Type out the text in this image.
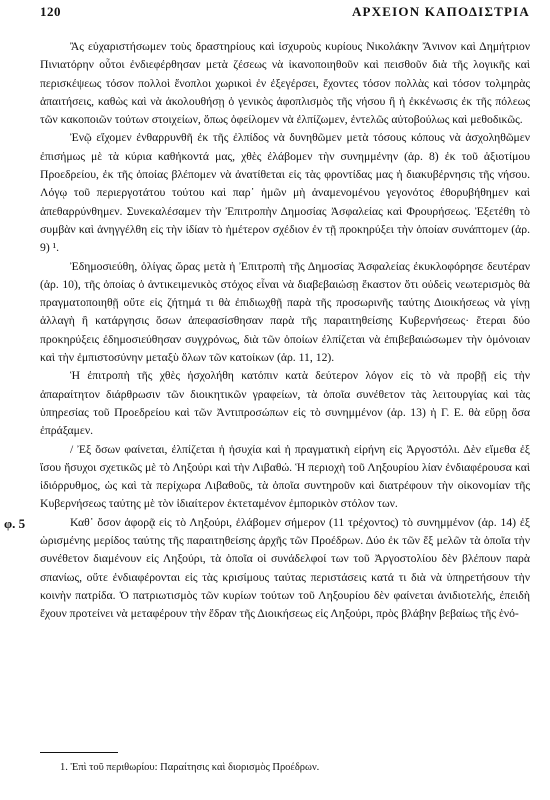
120	ΑΡΧΕΙΟΝ ΚΑΠΟΔΙΣΤΡΙΑ
φ. 5

Ἂς εὐχαριστήσωμεν τοὺς δραστηρίους καὶ ἰσχυροὺς κυρίους Νικολάκην Ἄνινον καὶ Δημήτριον Πινιατόρην οὗτοι ἐνδιεφέρθησαν μετὰ ζέσεως νὰ ἱκανοποιηθοῦν καὶ πεισθοῦν διὰ τῆς λογικῆς καὶ περισκέψεως τόσον πολλοὶ ἔνοπλοι χωρικοὶ ἐν ἐξεγέρσει, ἔχοντες τόσον πολλὰς καὶ τόσον τολμηρὰς ἀπαιτήσεις, καθὼς καὶ νὰ ἀκολουθήσῃ ὁ γενικὸς ἀφοπλισμὸς τῆς νήσου ἢ ἡ ἐκκένωσις ἐκ τῆς πόλεως τῶν κακοποιῶν τούτων στοιχείων, ὅπως ὀφείλομεν νὰ ἐλπίζωμεν, ἐντελῶς αὐτοβούλως καὶ μεθοδικῶς.

Ἐνῷ εἴχομεν ἐνθαρρυνθῆ ἐκ τῆς ἐλπίδος νὰ δυνηθῶμεν μετὰ τόσους κόπους νὰ ἀσχοληθῶμεν ἐπισήμως μὲ τὰ κύρια καθήκοντά μας, χθὲς ἐλάβομεν τὴν συνημμένην (ἀρ. 8) ἐκ τοῦ ἀξιοτίμου Προεδρείου, ἐκ τῆς ὁποίας βλέπομεν νὰ ἀνατίθεται εἰς τὰς φροντίδας μας ἡ διακυβέρνησις τῆς νήσου. Λόγῳ τοῦ περιεργοτάτου τούτου καὶ παρ᾽ ἡμῶν μὴ ἀναμενομένου γεγονότος ἐθορυβήθημεν καὶ ἀπεθαρρύνθημεν. Συνεκαλέσαμεν τὴν Ἐπιτροπὴν Δημοσίας Ἀσφαλείας καὶ Φρουρήσεως. Ἐξετέθη τὸ συμβὰν καὶ ἀνηγγέλθη εἰς τὴν ἰδίαν τὸ ἡμέτερον σχέδιον ἐν τῇ προκηρύξει τὴν ὁποίαν συνάπτομεν (ἀρ. 9) ¹.

Ἐδημοσιεύθη, ὀλίγας ὥρας μετὰ ἡ Ἐπιτροπὴ τῆς Δημοσίας Ἀσφαλείας ἐκυκλοφόρησε δευτέραν (ἀρ. 10), τῆς ὁποίας ὁ ἀντικειμενικὸς στόχος εἶναι νὰ διαβεβαιώσῃ ἕκαστον ὅτι οὐδεὶς νεωτερισμὸς θὰ πραγματοποιηθῇ οὔτε εἰς ζήτημά τι θὰ ἐπιδιωχθῇ παρὰ τῆς προσωρινῆς ταύτης Διοικήσεως νὰ γίνῃ ἀλλαγὴ ἢ κατάργησις ὅσων ἀπεφασίσθησαν παρὰ τῆς παραιτηθείσης Κυβερνήσεως· ἔτεραι δύο προκηρύξεις ἐδημοσιεύθησαν συγχρόνως, διὰ τῶν ὁποίων ἐλπίζεται νὰ ἐπιβεβαιώσωμεν τὴν ὁμόνοιαν καὶ τὴν ἐμπιστοσύνην μεταξὺ ὅλων τῶν κατοίκων (ἀρ. 11, 12).

Ἡ ἐπιτροπὴ τῆς χθὲς ἠσχολήθη κατόπιν κατὰ δεύτερον λόγον εἰς τὸ νὰ προβῇ εἰς τὴν ἀπαραίτητον διάρθρωσιν τῶν διοικητικῶν γραφείων, τὰ ὁποῖα συνέθετον τὰς λειτουργίας καὶ τὰς ὑπηρεσίας τοῦ Προεδρείου καὶ τῶν Ἀντιπροσώπων εἰς τὸ συνημμένον (ἀρ. 13) ἡ Γ. Ε. θὰ εὕρῃ ὅσα ἐπράξαμεν.

/ Ἐξ ὅσων φαίνεται, ἐλπίζεται ἡ ἡσυχία καὶ ἡ πραγματικὴ εἰρήνη εἰς Ἀργοστόλι. Δὲν εἴμεθα ἐξ ἴσου ἥσυχοι σχετικῶς μὲ τὸ Ληξούρι καὶ τὴν Λιβαθώ. Ἡ περιοχὴ τοῦ Ληξουρίου λίαν ἐνδιαφέρουσα καὶ ἰδιόρρυθμος, ὡς καὶ τὰ περίχωρα Λιβαθοῦς, τὰ ὁποῖα συντηροῦν καὶ διατρέφουν τὴν οἰκονομίαν τῆς Κυβερνήσεως ταύτης μὲ τὸν ἰδιαίτερον ἐκτεταμένον ἐμπορικὸν στόλον των.

Καθ᾽ ὅσον ἀφορᾷ εἰς τὸ Ληξούρι, ἐλάβομεν σήμερον (11 τρέχοντος) τὸ συνημμένον (ἀρ. 14) ἐξ ὡρισμένης μερίδος ταύτης τῆς παραιτηθείσης ἀρχῆς τῶν Προέδρων. Δύο ἐκ τῶν ἕξ μελῶν τὰ ὁποῖα τὴν συνέθετον διαμένουν εἰς Ληξούρι, τὰ ὁποῖα οἱ συνάδελφοί των τοῦ Ἀργοστολίου δὲν βλέπουν παρὰ σπανίως, οὔτε ἐνδιαφέρονται εἰς τὰς κρισίμους ταύτας περιστάσεις κατά τι διὰ νὰ ὑπηρετήσουν τὴν κοινὴν πατρίδα. Ὁ πατριωτισμὸς τῶν κυρίων τούτων τοῦ Ληξουρίου δὲν φαίνεται ἀνιδιοτελής, ἐπειδὴ ἔχουν προτείνει νὰ μεταφέρουν τὴν ἕδραν τῆς Διοικήσεως εἰς Ληξούρι, πρὸς βλάβην βεβαίως τῆς ἑνό-

1. Ἐπὶ τοῦ περιθωρίου: Παραίτησις καὶ διορισμὸς Προέδρων.
